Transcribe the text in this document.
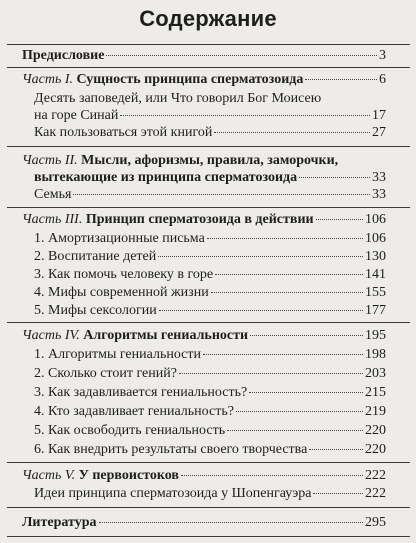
Содержание
Предисловие	3
Часть I. Сущность принципа сперматозоида	6
Десять заповедей, или Что говорил Бог Моисею
на горе Синай	17
Как пользоваться этой книгой	27
Часть II. Мысли, афоризмы, правила, заморочки,
вытекающие из принципа сперматозоида	33
Семья	33
Часть III. Принцип сперматозоида в действии	106
1. Амортизационные письма	106
2. Воспитание детей	130
3. Как помочь человеку в горе	141
4. Мифы современной жизни	155
5. Мифы сексологии	177
Часть IV. Алгоритмы гениальности	195
1. Алгоритмы гениальности	198
2. Сколько стоит гений?	203
3. Как задавливается гениальность?	215
4. Кто задавливает гениальность?	219
5. Как освободить гениальность	220
6. Как внедрить результаты своего творчества	220
Часть V. У первоистоков	222
Идеи принципа сперматозоида у Шопенгауэра	222
Литература	295
